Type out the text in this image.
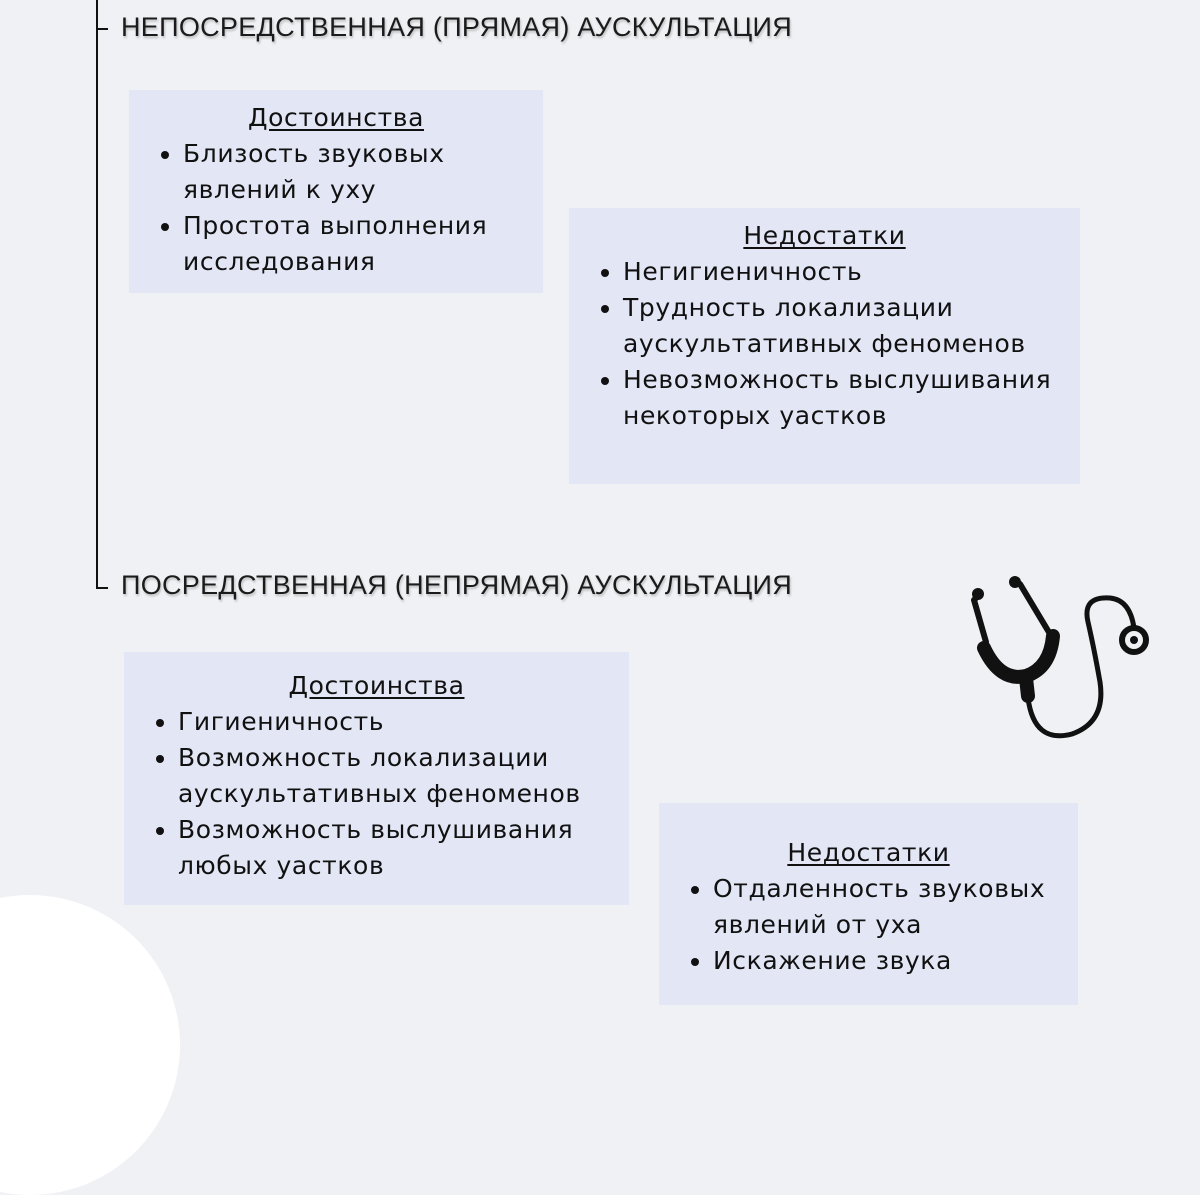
НЕПОСРЕДСТВЕННАЯ (ПРЯМАЯ) АУСКУЛЬТАЦИЯ
Достоинства
• Близость звуковых явлений к уху
• Простота выполнения исследования
Недостатки
• Негигиеничность
• Трудность локализации аускультативных феноменов
• Невозможность выслушивания некоторых уастков
ПОСРЕДСТВЕННАЯ (НЕПРЯМАЯ) АУСКУЛЬТАЦИЯ
Достоинства
• Гигиеничность
• Возможность локализации аускультативных феноменов
• Возможность выслушивания любых уастков	Недостатки
• Отдаленность звуковых явлений от уха
• Искажение звука
